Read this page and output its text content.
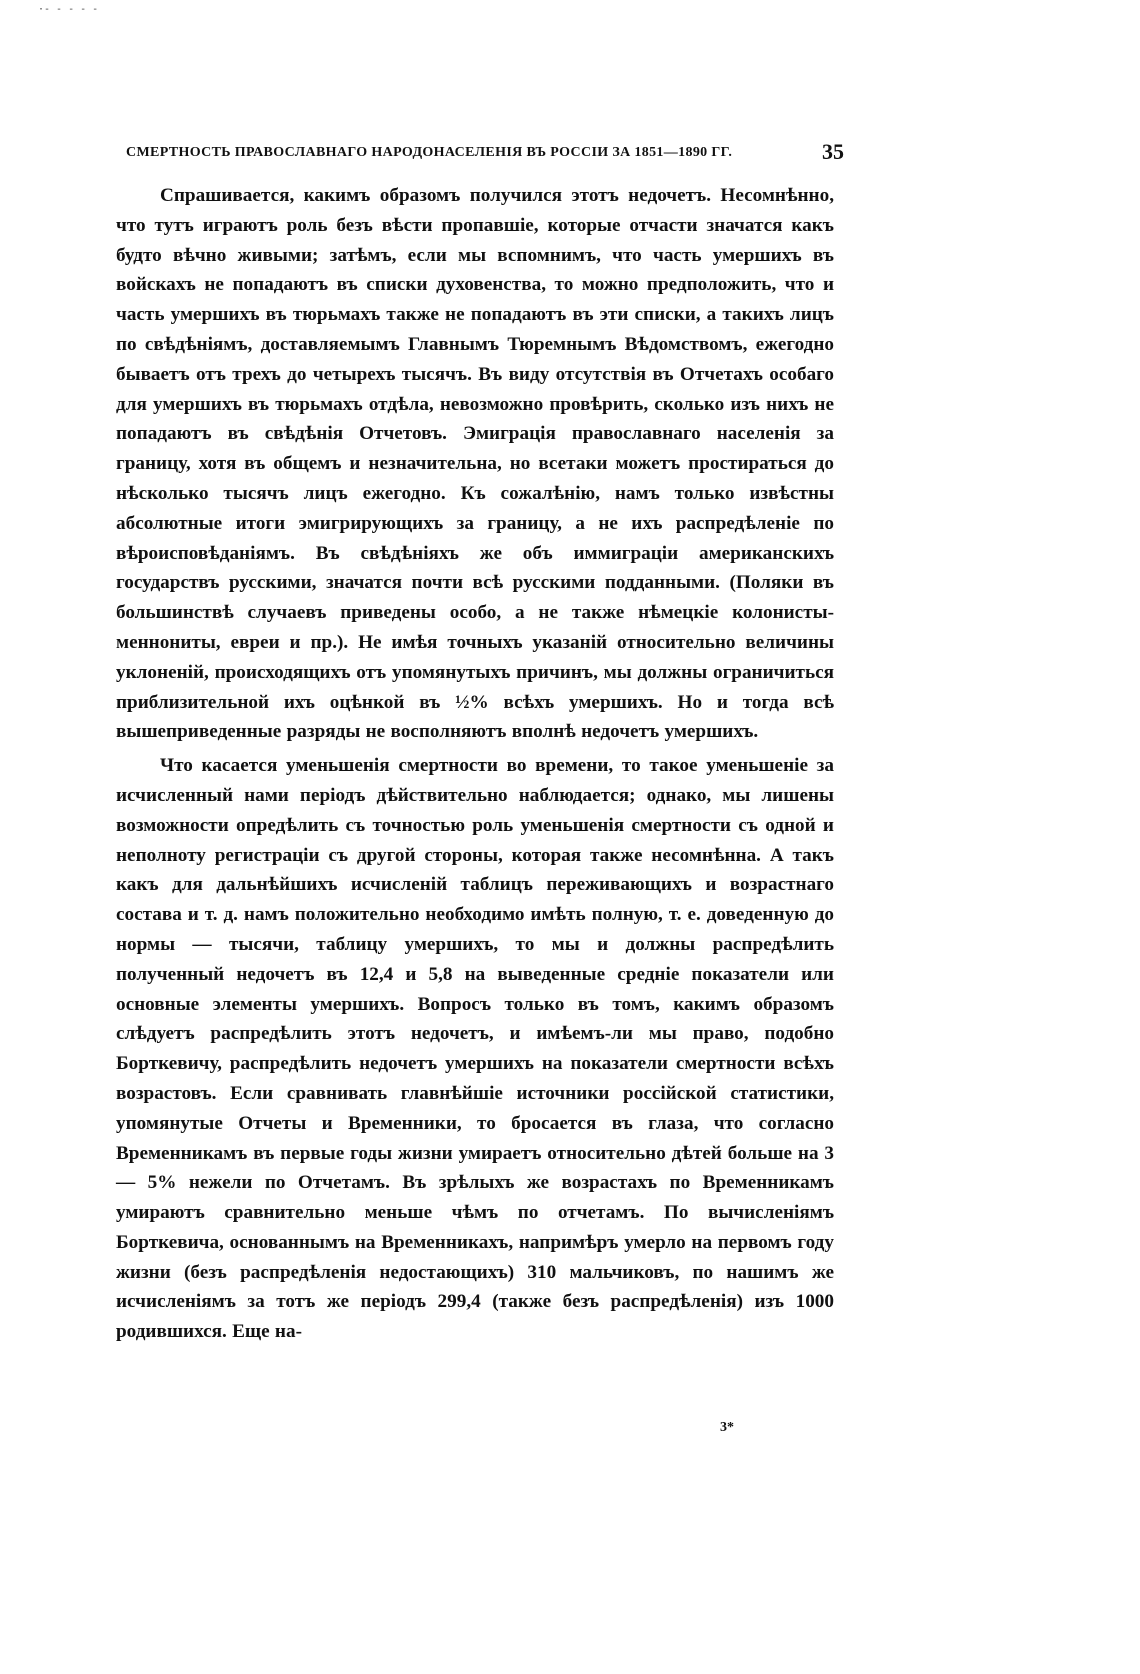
·- - - - -
СМЕРТНОСТЬ ПРАВОСЛАВНАГО НАРОДОНАСЕЛЕНІЯ ВЪ РОССІИ ЗА 1851—1890 ГГ.	35

Спрашивается, какимъ образомъ получился этотъ недочетъ. Несомнѣнно, что тутъ играютъ роль безъ вѣсти пропавшіе, которые отчасти значатся какъ будто вѣчно живыми; затѣмъ, если мы вспомнимъ, что часть умершихъ въ войскахъ не попадаютъ въ списки духовенства, то можно предположить, что и часть умершихъ въ тюрьмахъ также не попадаютъ въ эти списки, а такихъ лицъ по свѣдѣніямъ, доставляемымъ Главнымъ Тюремнымъ Вѣдомствомъ, ежегодно бываетъ отъ трехъ до четырехъ тысячъ. Въ виду отсутствія въ Отчетахъ особаго для умершихъ въ тюрьмахъ отдѣла, невозможно провѣрить, сколько изъ нихъ не попадаютъ въ свѣдѣнія Отчетовъ. Эмиграція православнаго населенія за границу, хотя въ общемъ и незначительна, но всетаки можетъ простираться до нѣсколько тысячъ лицъ ежегодно. Къ сожалѣнію, намъ только извѣстны абсолютные итоги эмигрирующихъ за границу, а не ихъ распредѣленіе по вѣроисповѣданіямъ. Въ свѣдѣніяхъ же объ иммиграціи американскихъ государствъ русскими, значатся почти всѣ русскими подданными. (Поляки въ большинствѣ случаевъ приведены особо, а не также нѣмецкіе колонисты-меннониты, евреи и пр.). Не имѣя точныхъ указаній относительно величины уклоненій, происходящихъ отъ упомянутыхъ причинъ, мы должны ограничиться приблизительной ихъ оцѣнкой въ ½% всѣхъ умершихъ. Но и тогда всѣ вышеприведенные разряды не восполняютъ вполнѣ недочетъ умершихъ.

Что касается уменьшенія смертности во времени, то такое уменьшеніе за исчисленный нами періодъ дѣйствительно наблюдается; однако, мы лишены возможности опредѣлить съ точностью роль уменьшенія смертности съ одной и неполноту регистраціи съ другой стороны, которая также несомнѣнна. А такъ какъ для дальнѣйшихъ исчисленій таблицъ переживающихъ и возрастнаго состава и т. д. намъ положительно необходимо имѣть полную, т. е. доведенную до нормы — тысячи, таблицу умершихъ, то мы и должны распредѣлить полученный недочетъ въ 12,4 и 5,8 на выведенные средніе показатели или основные элементы умершихъ. Вопросъ только въ томъ, какимъ образомъ слѣдуетъ распредѣлить этотъ недочетъ, и имѣемъ-ли мы право, подобно Борткевичу, распредѣлить недочетъ умершихъ на показатели смертности всѣхъ возрастовъ. Если сравнивать главнѣйшіе источники россійской статистики, упомянутые Отчеты и Временники, то бросается въ глаза, что согласно Временникамъ въ первые годы жизни умираетъ относительно дѣтей больше на 3 — 5% нежели по Отчетамъ. Въ зрѣлыхъ же возрастахъ по Временникамъ умираютъ сравнительно меньше чѣмъ по отчетамъ. По вычисленіямъ Борткевича, основаннымъ на Временникахъ, напримѣръ умерло на первомъ году жизни (безъ распредѣленія недостающихъ) 310 мальчиковъ, по нашимъ же исчисленіямъ за тотъ же періодъ 299,4 (также безъ распредѣленія) изъ 1000 родившихся. Еще на-

3*
